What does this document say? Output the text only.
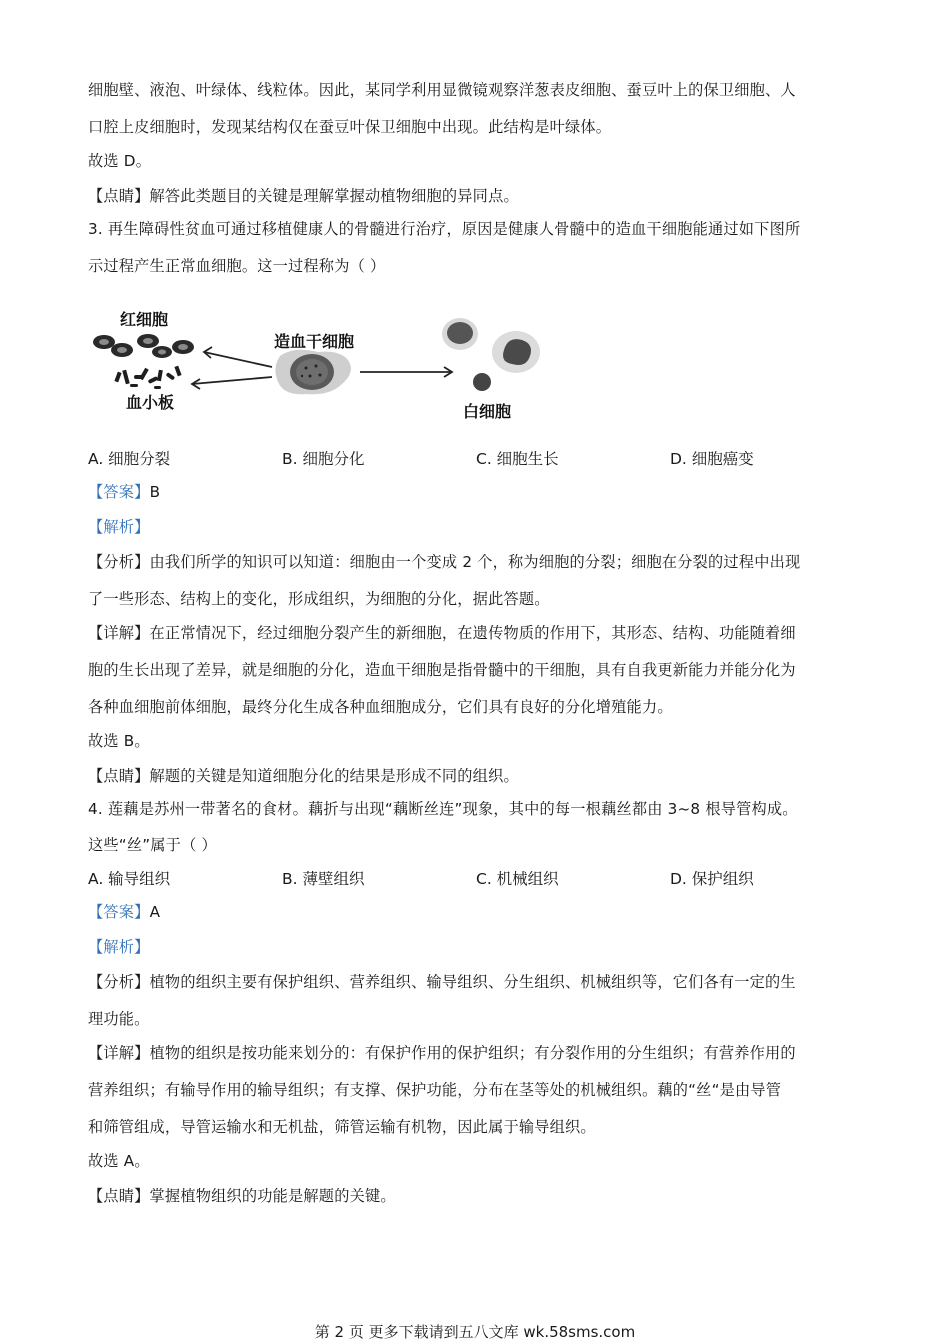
细胞壁、液泡、叶绿体、线粒体。因此，某同学利用显微镜观察洋葱表皮细胞、蚕豆叶上的保卫细胞、人
口腔上皮细胞时，发现某结构仅在蚕豆叶保卫细胞中出现。此结构是叶绿体。
故选 D。
【点睛】解答此类题目的关键是理解掌握动植物细胞的异同点。
3. 再生障碍性贫血可通过移植健康人的骨髓进行治疗，原因是健康人骨髓中的造血干细胞能通过如下图所
示过程产生正常血细胞。这一过程称为（ ）
【答案】B
【解析】
【分析】由我们所学的知识可以知道：细胞由一个变成 2 个，称为细胞的分裂；细胞在分裂的过程中出现
了一些形态、结构上的变化，形成组织，为细胞的分化，据此答题。
【详解】在正常情况下，经过细胞分裂产生的新细胞，在遗传物质的作用下，其形态、结构、功能随着细
胞的生长出现了差异，就是细胞的分化，造血干细胞是指骨髓中的干细胞，具有自我更新能力并能分化为
各种血细胞前体细胞，最终分化生成各种血细胞成分，它们具有良好的分化增殖能力。
故选 B。
【点睛】解题的关键是知道细胞分化的结果是形成不同的组织。
4. 莲藕是苏州一带著名的食材。藕折与出现“藕断丝连”现象，其中的每一根藕丝都由 3~8 根导管构成。
这些“丝”属于（ ）
【答案】A
【解析】
【分析】植物的组织主要有保护组织、营养组织、输导组织、分生组织、机械组织等，它们各有一定的生
理功能。
【详解】植物的组织是按功能来划分的：有保护作用的保护组织；有分裂作用的分生组织；有营养作用的
营养组织；有输导作用的输导组织；有支撑、保护功能，分布在茎等处的机械组织。藕的“丝“是由导管
和筛管组成，导管运输水和无机盐，筛管运输有机物，因此属于输导组织。
故选 A。
【点睛】掌握植物组织的功能是解题的关键。
A. 细胞分裂	B. 细胞分化	C. 细胞生长	D. 细胞癌变
红细胞
血小板
造血干细胞
白细胞
A. 输导组织	B. 薄壁组织	C. 机械组织	D. 保护组织
第 2 页 更多下载请到五八文库 wk.58sms.com
